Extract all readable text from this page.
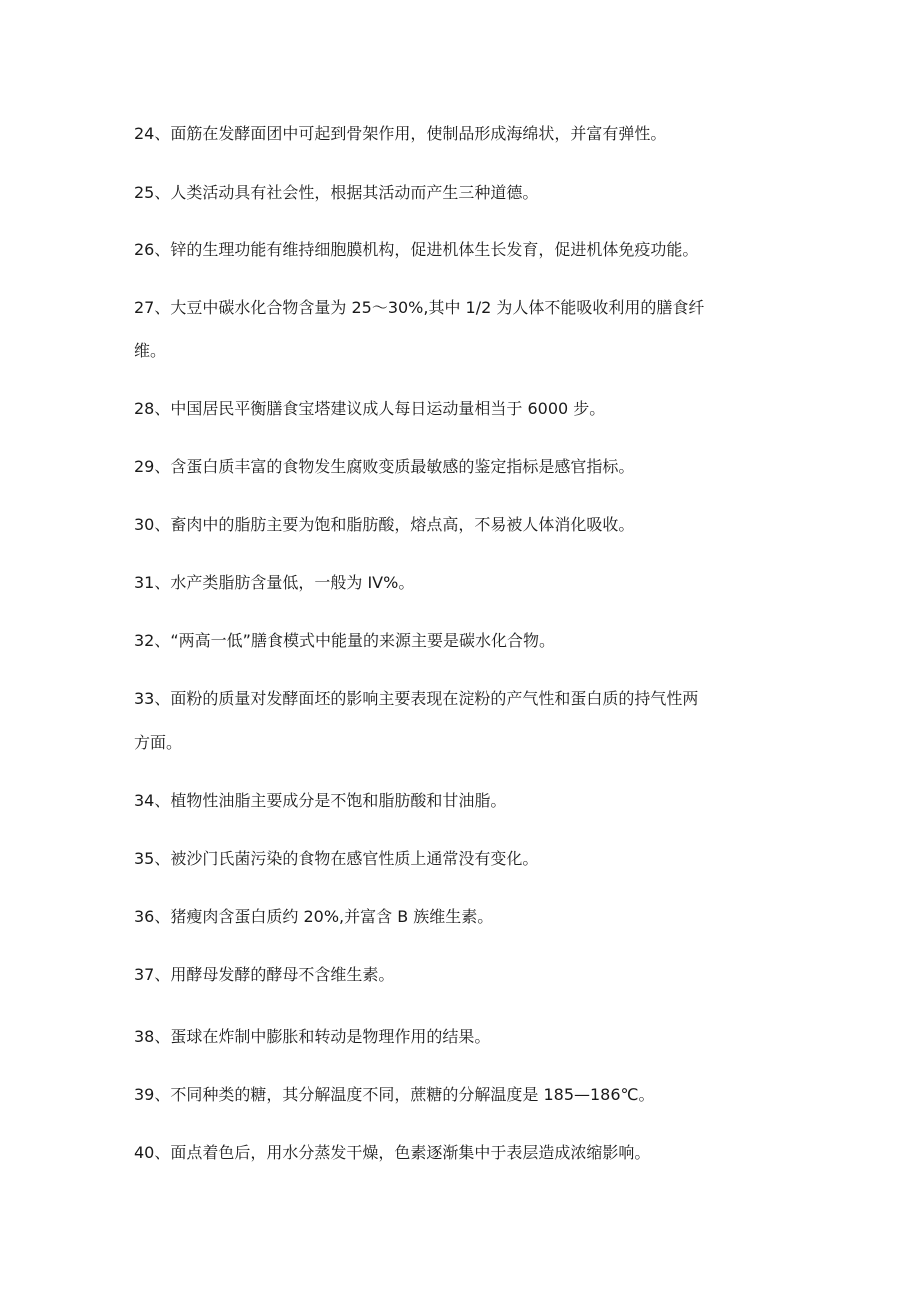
24、面筋在发酵面团中可起到骨架作用，使制品形成海绵状，并富有弹性。
25、人类活动具有社会性，根据其活动而产生三种道德。
26、锌的生理功能有维持细胞膜机构，促进机体生长发育，促进机体免疫功能。
27、大豆中碳水化合物含量为 25～30%,其中 1/2 为人体不能吸收利用的膳食纤
维。
28、中国居民平衡膳食宝塔建议成人每日运动量相当于 6000 步。
29、含蛋白质丰富的食物发生腐败变质最敏感的鉴定指标是感官指标。
30、畜肉中的脂肪主要为饱和脂肪酸，熔点高，不易被人体消化吸收。
31、水产类脂肪含量低，一般为 IV%。
32、“两高一低”膳食模式中能量的来源主要是碳水化合物。
33、面粉的质量对发酵面坯的影响主要表现在淀粉的产气性和蛋白质的持气性两
方面。
34、植物性油脂主要成分是不饱和脂肪酸和甘油脂。
35、被沙门氏菌污染的食物在感官性质上通常没有变化。
36、猪瘦肉含蛋白质约 20%,并富含 B 族维生素。
37、用酵母发酵的酵母不含维生素。
38、蛋球在炸制中膨胀和转动是物理作用的结果。
39、不同种类的糖，其分解温度不同，蔗糖的分解温度是 185—186℃。
40、面点着色后，用水分蒸发干燥，色素逐渐集中于表层造成浓缩影响。
